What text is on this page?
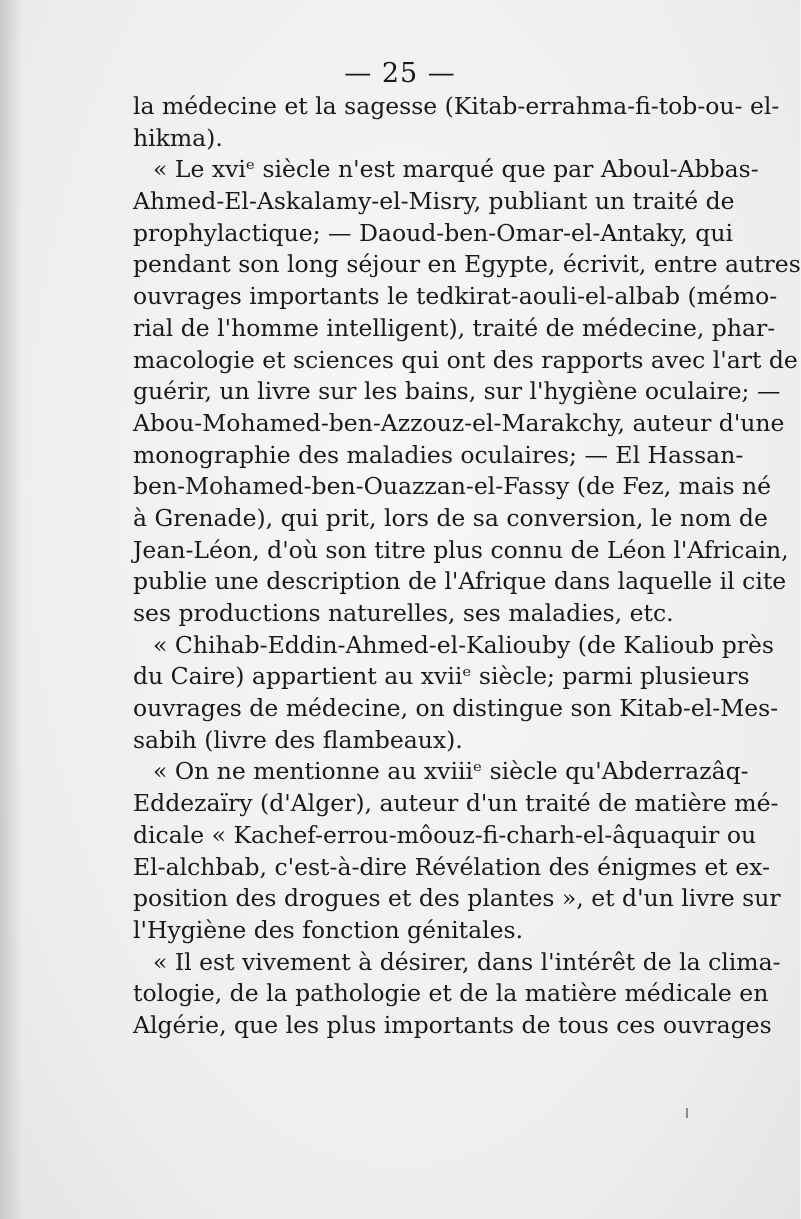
— 25 —
la médecine et la sagesse (Kitab-errahma-fi-tob-ou- el-
hikma).
« Le xviᵉ siècle n'est marqué que par Aboul-Abbas-
Ahmed-El-Askalamy-el-Misry, publiant un traité de
prophylactique; — Daoud-ben-Omar-el-Antaky, qui
pendant son long séjour en Egypte, écrivit, entre autres
ouvrages importants le tedkirat-aouli-el-albab (mémo-
rial de l'homme intelligent), traité de médecine, phar-
macologie et sciences qui ont des rapports avec l'art de
guérir, un livre sur les bains, sur l'hygiène oculaire; —
Abou-Mohamed-ben-Azzouz-el-Marakchy, auteur d'une
monographie des maladies oculaires; — El Hassan-
ben-Mohamed-ben-Ouazzan-el-Fassy (de Fez, mais né
à Grenade), qui prit, lors de sa conversion, le nom de
Jean-Léon, d'où son titre plus connu de Léon l'Africain,
publie une description de l'Afrique dans laquelle il cite
ses productions naturelles, ses maladies, etc.
« Chihab-Eddin-Ahmed-el-Kaliouby (de Kalioub près
du Caire) appartient au xviiᵉ siècle; parmi plusieurs
ouvrages de médecine, on distingue son Kitab-el-Mes-
sabih (livre des flambeaux).
« On ne mentionne au xviiiᵉ siècle qu'Abderrazâq-
Eddezaïry (d'Alger), auteur d'un traité de matière mé-
dicale « Kachef-errou-môouz-fi-charh-el-âquaquir ou
El-alchbab, c'est-à-dire Révélation des énigmes et ex-
position des drogues et des plantes », et d'un livre sur
l'Hygiène des fonction génitales.
« Il est vivement à désirer, dans l'intérêt de la clima-
tologie, de la pathologie et de la matière médicale en
Algérie, que les plus importants de tous ces ouvrages
